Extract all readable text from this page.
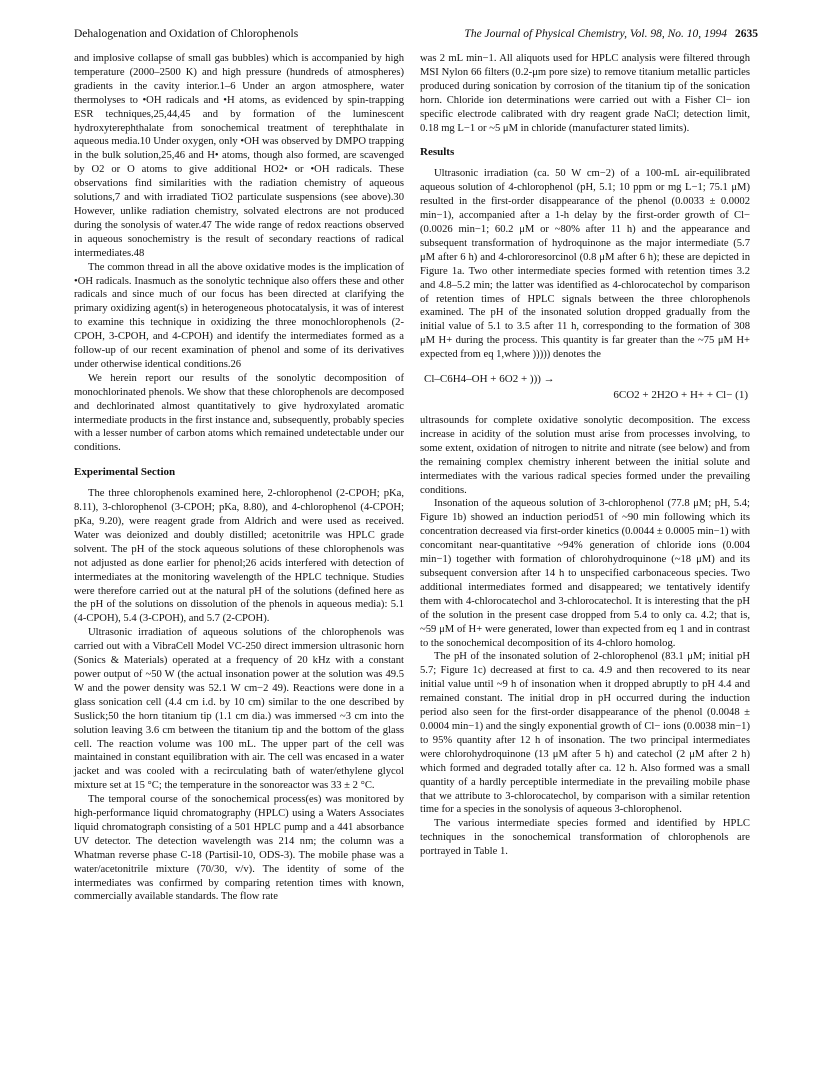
Dehalogenation and Oxidation of Chlorophenols	The Journal of Physical Chemistry, Vol. 98, No. 10, 1994 2635

and implosive collapse of small gas bubbles) which is accompanied by high temperature (2000–2500 K) and high pressure (hundreds of atmospheres) gradients in the cavity interior.1–6 Under an argon atmosphere, water thermolyses to •OH radicals and •H atoms, as evidenced by spin-trapping ESR techniques,25,44,45 and by formation of the luminescent hydroxyterephthalate from sonochemical treatment of terephthalate in aqueous media.10 Under oxygen, only •OH was observed by DMPO trapping in the bulk solution,25,46 and H• atoms, though also formed, are scavenged by O2 or O atoms to give additional HO2• or •OH radicals. These observations find similarities with the radiation chemistry of aqueous solutions,7 and with irradiated TiO2 particulate suspensions (see above).30 However, unlike radiation chemistry, solvated electrons are not produced during the sonolysis of water.47 The wide range of redox reactions observed in aqueous sonochemistry is the result of secondary reactions of radical intermediates.48

The common thread in all the above oxidative modes is the implication of •OH radicals. Inasmuch as the sonolytic technique also offers these and other radicals and since much of our focus has been directed at clarifying the primary oxidizing agent(s) in heterogeneous photocatalysis, it was of interest to examine this technique in oxidizing the three monochlorophenols (2-CPOH, 3-CPOH, and 4-CPOH) and identify the intermediates formed as a follow-up of our recent examination of phenol and some of its derivatives under otherwise identical conditions.26

We herein report our results of the sonolytic decomposition of monochlorinated phenols. We show that these chlorophenols are decomposed and dechlorinated almost quantitatively to give hydroxylated aromatic intermediate products in the first instance and, subsequently, probably species with a lesser number of carbon atoms which remained undetectable under our conditions.

Experimental Section

The three chlorophenols examined here, 2-chlorophenol (2-CPOH; pKa, 8.11), 3-chlorophenol (3-CPOH; pKa, 8.80), and 4-chlorophenol (4-CPOH; pKa, 9.20), were reagent grade from Aldrich and were used as received. Water was deionized and doubly distilled; acetonitrile was HPLC grade solvent. The pH of the stock aqueous solutions of these chlorophenols was not adjusted as done earlier for phenol;26 acids interfered with detection of intermediates at the monitoring wavelength of the HPLC technique. Studies were therefore carried out at the natural pH of the solutions (defined here as the pH of the solutions on dissolution of the phenols in aqueous media): 5.1 (4-CPOH), 5.4 (3-CPOH), and 5.7 (2-CPOH).

Ultrasonic irradiation of aqueous solutions of the chlorophenols was carried out with a VibraCell Model VC-250 direct immersion ultrasonic horn (Sonics & Materials) operated at a frequency of 20 kHz with a constant power output of ~50 W (the actual insonation power at the solution was 49.5 W and the power density was 52.1 W cm−2 49). Reactions were done in a glass sonication cell (4.4 cm i.d. by 10 cm) similar to the one described by Suslick;50 the horn titanium tip (1.1 cm dia.) was immersed ~3 cm into the solution leaving 3.6 cm between the titanium tip and the bottom of the glass cell. The reaction volume was 100 mL. The upper part of the cell was maintained in constant equilibration with air. The cell was encased in a water jacket and was cooled with a recirculating bath of water/ethylene glycol mixture set at 15 °C; the temperature in the sonoreactor was 33 ± 2 °C.

The temporal course of the sonochemical process(es) was monitored by high-performance liquid chromatography (HPLC) using a Waters Associates liquid chromatograph consisting of a 501 HPLC pump and a 441 absorbance UV detector. The detection wavelength was 214 nm; the column was a Whatman reverse phase C-18 (Partisil-10, ODS-3). The mobile phase was a water/acetonitrile mixture (70/30, v/v). The identity of some of the intermediates was confirmed by comparing retention times with known, commercially available standards. The flow rate

was 2 mL min−1. All aliquots used for HPLC analysis were filtered through MSI Nylon 66 filters (0.2-μm pore size) to remove titanium metallic particles produced during sonication by corrosion of the titanium tip of the sonication horn. Chloride ion determinations were carried out with a Fisher Cl− ion specific electrode calibrated with dry reagent grade NaCl; detection limit, 0.18 mg L−1 or ~5 μM in chloride (manufacturer stated limits).

Results

Ultrasonic irradiation (ca. 50 W cm−2) of a 100-mL air-equilibrated aqueous solution of 4-chlorophenol (pH, 5.1; 10 ppm or mg L−1; 75.1 μM) resulted in the first-order disappearance of the phenol (0.0033 ± 0.0002 min−1), accompanied after a 1-h delay by the first-order growth of Cl− (0.0026 min−1; 60.2 μM or ~80% after 11 h) and the appearance and subsequent transformation of hydroquinone as the major intermediate (5.7 μM after 6 h) and 4-chlororesorcinol (0.8 μM after 6 h); these are depicted in Figure 1a. Two other intermediate species formed with retention times 3.2 and 4.8–5.2 min; the latter was identified as 4-chlorocatechol by comparison of retention times of HPLC signals between the three chlorophenols examined. The pH of the insonated solution dropped gradually from the initial value of 5.1 to 3.5 after 11 h, corresponding to the formation of 308 μM H+ during the process. This quantity is far greater than the ~75 μM H+ expected from eq 1,where ))))) denotes the

Cl–C6H4–OH + 6O2 + ))) →
6CO2 + 2H2O + H+ + Cl− (1)

ultrasounds for complete oxidative sonolytic decomposition. The excess increase in acidity of the solution must arise from processes involving, to some extent, oxidation of nitrogen to nitrite and nitrate (see below) and from the remaining complex chemistry inherent between the initial solute and intermediates with the various radical species formed under the prevailing conditions.

Insonation of the aqueous solution of 3-chlorophenol (77.8 μM; pH, 5.4; Figure 1b) showed an induction period51 of ~90 min following which its concentration decreased via first-order kinetics (0.0044 ± 0.0005 min−1) with concomitant near-quantitative ~94% generation of chloride ions (0.004 min−1) together with formation of chlorohydroquinone (~18 μM) and its subsequent conversion after 14 h to unspecified carbonaceous species. Two additional intermediates formed and disappeared; we tentatively identify them with 4-chlorocatechol and 3-chlorocatechol. It is interesting that the pH of the solution in the present case dropped from 5.4 to only ca. 4.2; that is, ~59 μM of H+ were generated, lower than expected from eq 1 and in contrast to the sonochemical decomposition of its 4-chloro homolog.

The pH of the insonated solution of 2-chlorophenol (83.1 μM; initial pH 5.7; Figure 1c) decreased at first to ca. 4.9 and then recovered to its near initial value until ~9 h of insonation when it dropped abruptly to pH 4.4 and remained constant. The initial drop in pH occurred during the induction period also seen for the first-order disappearance of the phenol (0.0048 ± 0.0004 min−1) and the singly exponential growth of Cl− ions (0.0038 min−1) to 95% quantity after 12 h of insonation. The two principal intermediates were chlorohydroquinone (13 μM after 5 h) and catechol (2 μM after 2 h) which formed and degraded totally after ca. 12 h. Also formed was a small quantity of a hardly perceptible intermediate in the prevailing mobile phase that we attribute to 3-chlorocatechol, by comparison with a similar retention time for a species in the sonolysis of aqueous 3-chlorophenol.

The various intermediate species formed and identified by HPLC techniques in the sonochemical transformation of chlorophenols are portrayed in Table 1.
